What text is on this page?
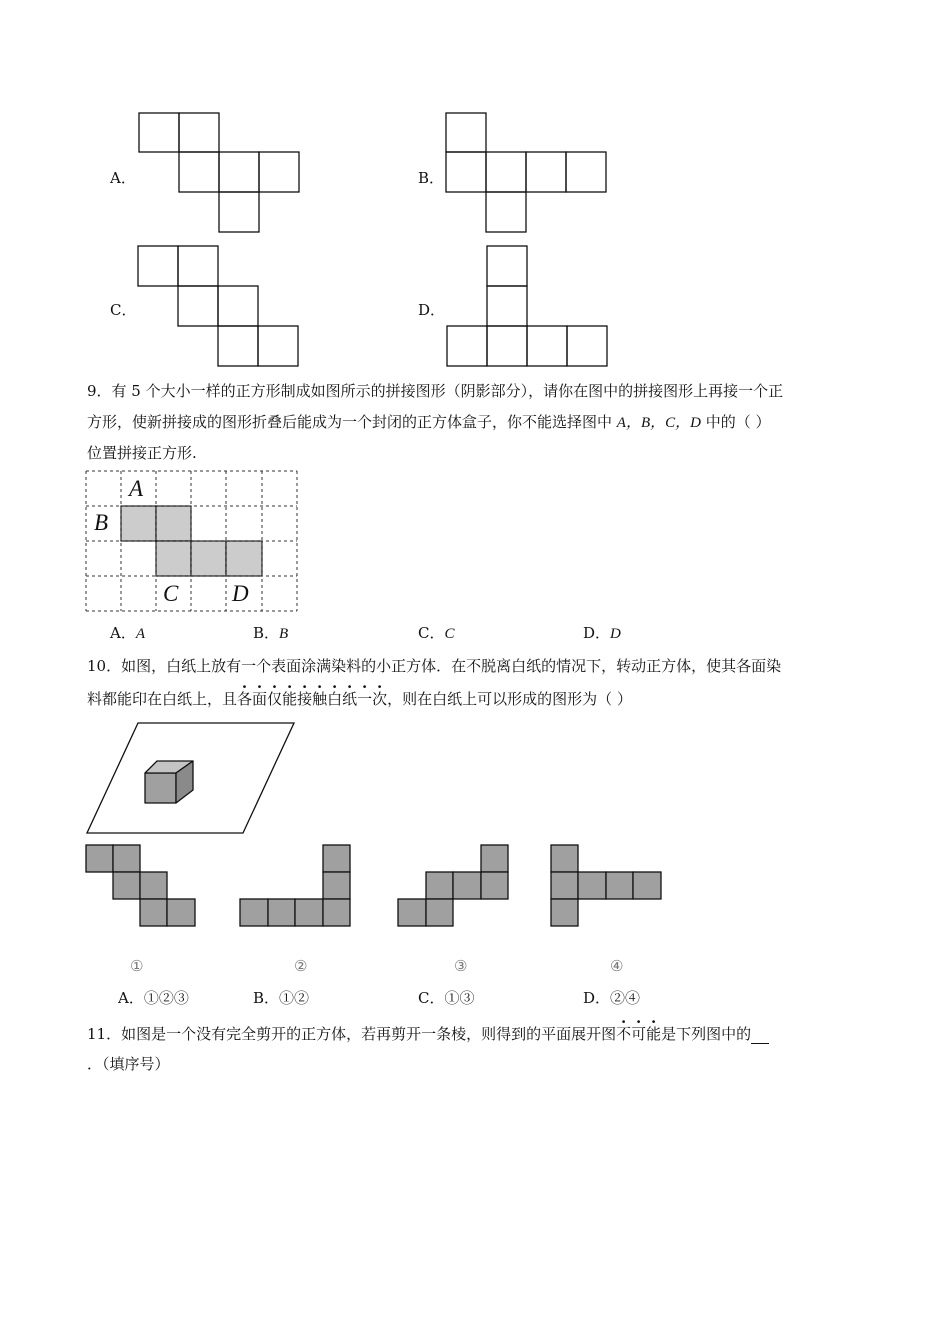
A．	B．
C．	D．
9．有 5 个大小一样的正方形制成如图所示的拼接图形（阴影部分），请你在图中的拼接图形上再接一个正
方形，使新拼接成的图形折叠后能成为一个封闭的正方体盒子，你不能选择图中 A，B，C，D 中的（ ）
位置拼接正方形.
A
B
C D
A．A	B．B	C．C	D．D
10．如图，白纸上放有一个表面涂满染料的小正方体．在不脱离白纸的情况下，转动正方体，使其各面染
料都能印在白纸上，且各面仅能接触白纸一次，则在白纸上可以形成的图形为（ ）
①	②	③	④
A．①②③	B．①②	C．①③	D．②④
11．如图是一个没有完全剪开的正方体，若再剪开一条棱，则得到的平面展开图不可能是下列图中的
．（填序号）
